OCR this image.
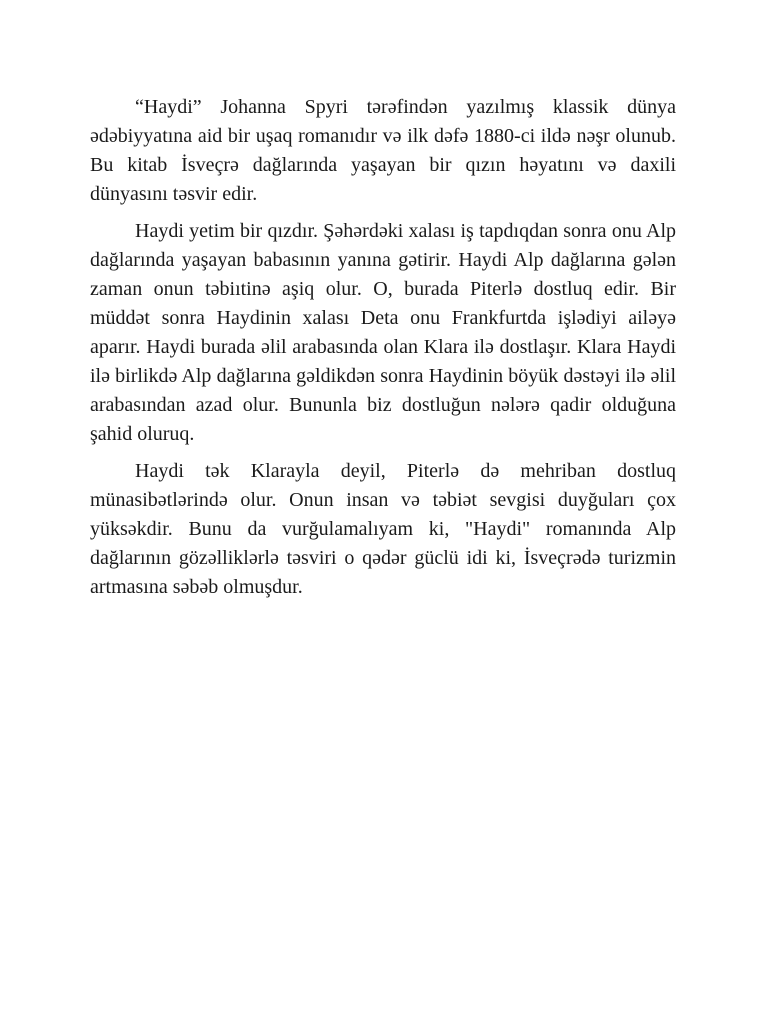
“Haydi” Johanna Spyri tərəfindən yazılmış klassik dünya ədəbiyyatına aid bir uşaq romanıdır və ilk dəfə 1880-ci ildə nəşr olunub. Bu kitab İsveçrə dağlarında yaşayan bir qızın həyatını və daxili dünyasını təsvir edir.

Haydi yetim bir qızdır. Şəhərdəki xalası iş tapdıqdan sonra onu Alp dağlarında yaşayan babasının yanına gətirir. Haydi Alp dağlarına gələn zaman onun təbiıtinə aşiq olur. O, burada Piterlə dostluq edir. Bir müddət sonra Haydinin xalası Deta onu Frankfurtda işlədiyi ailəyə aparır. Haydi burada əlil arabasında olan Klara ilə dostlaşır. Klara Haydi ilə birlikdə Alp dağlarına gəldikdən sonra Haydinin böyük dəstəyi ilə əlil arabasından azad olur. Bununla biz dostluğun nələrə qadir olduğuna şahid oluruq.

Haydi tək Klarayla deyil, Piterlə də mehriban dostluq münasibətlərində olur. Onun insan və təbiət sevgisi duyğuları çox yüksəkdir. Bunu da vurğulamalıyam ki, "Haydi" romanında Alp dağlarının gözəlliklərlə təsviri o qədər güclü idi ki, İsveçrədə turizmin artmasına səbəb olmuşdur.
